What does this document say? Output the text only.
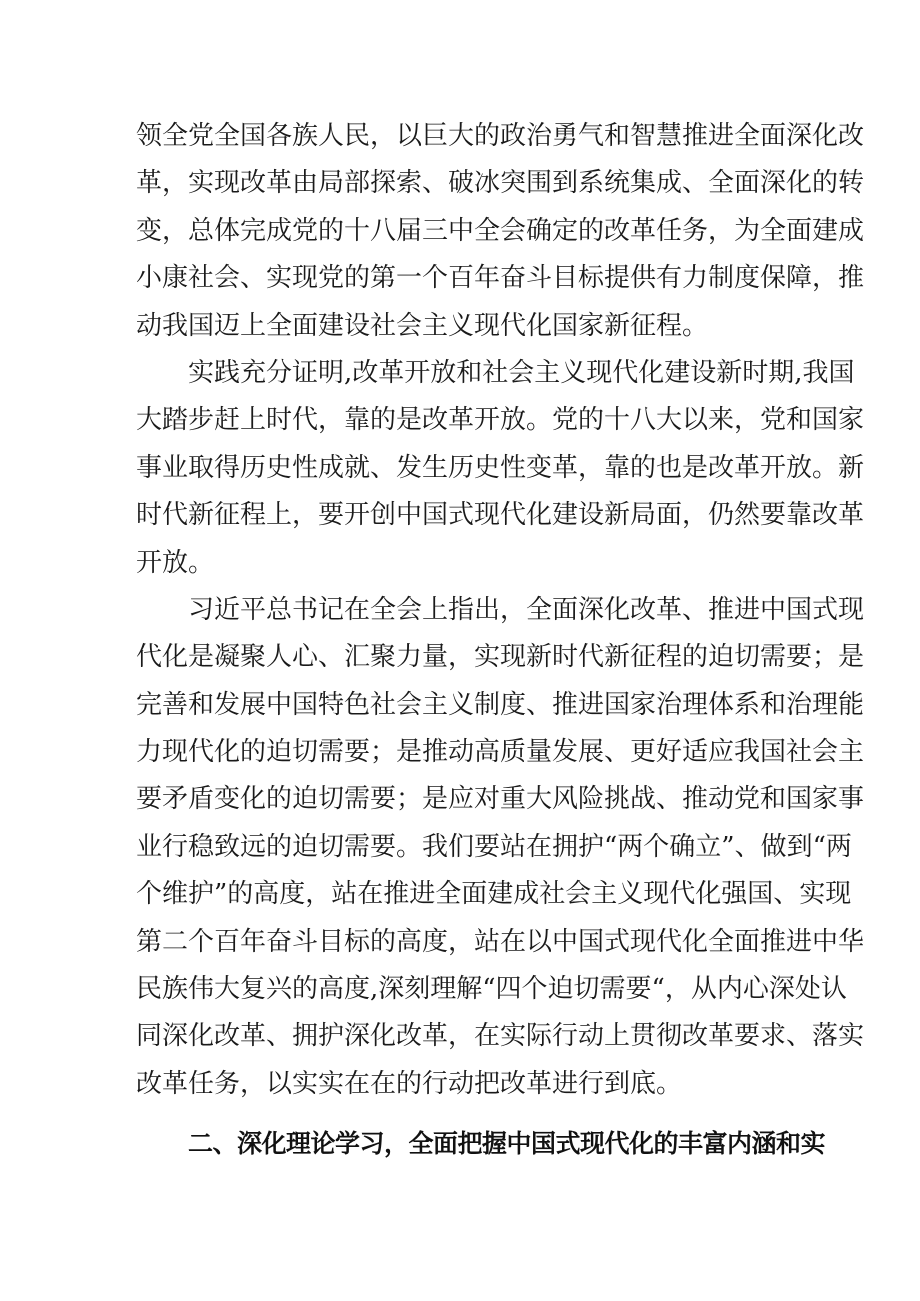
领全党全国各族人民，以巨大的政治勇气和智慧推进全面深化改
革，实现改革由局部探索、破冰突围到系统集成、全面深化的转
变，总体完成党的十八届三中全会确定的改革任务，为全面建成
小康社会、实现党的第一个百年奋斗目标提供有力制度保障，推
动我国迈上全面建设社会主义现代化国家新征程。
实践充分证明,改革开放和社会主义现代化建设新时期,我国
大踏步赶上时代，靠的是改革开放。党的十八大以来，党和国家
事业取得历史性成就、发生历史性变革，靠的也是改革开放。新
时代新征程上，要开创中国式现代化建设新局面，仍然要靠改革
开放。
习近平总书记在全会上指出，全面深化改革、推进中国式现
代化是凝聚人心、汇聚力量，实现新时代新征程的迫切需要；是
完善和发展中国特色社会主义制度、推进国家治理体系和治理能
力现代化的迫切需要；是推动高质量发展、更好适应我国社会主
要矛盾变化的迫切需要；是应对重大风险挑战、推动党和国家事
业行稳致远的迫切需要。我们要站在拥护“两个确立”、做到“两
个维护”的高度，站在推进全面建成社会主义现代化强国、实现
第二个百年奋斗目标的高度，站在以中国式现代化全面推进中华
民族伟大复兴的高度,深刻理解“四个迫切需要“，从内心深处认
同深化改革、拥护深化改革，在实际行动上贯彻改革要求、落实
改革任务，以实实在在的行动把改革进行到底。
二、深化理论学习，全面把握中国式现代化的丰富内涵和实
